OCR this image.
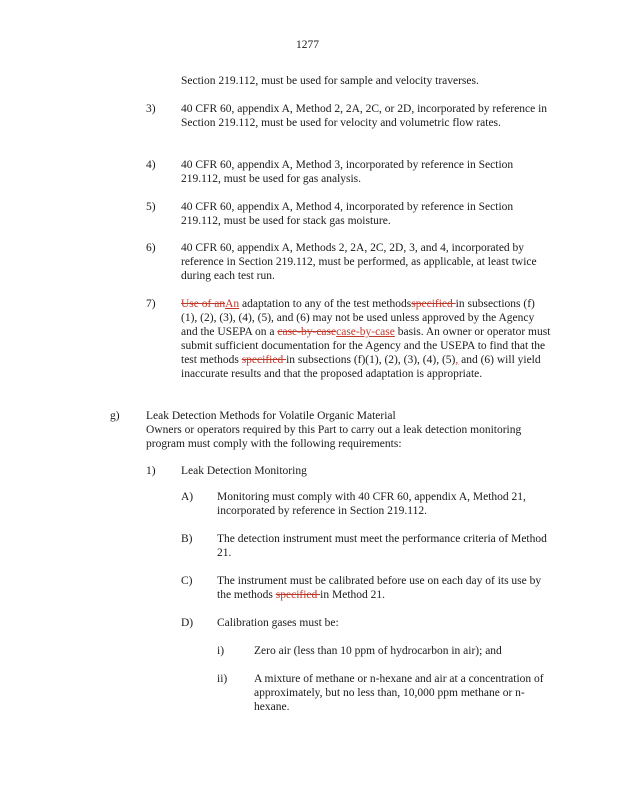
1277
Section 219.112, must be used for sample and velocity traverses.
3) 40 CFR 60, appendix A, Method 2, 2A, 2C, or 2D, incorporated by reference in Section 219.112, must be used for velocity and volumetric flow rates.
4) 40 CFR 60, appendix A, Method 3, incorporated by reference in Section 219.112, must be used for gas analysis.
5) 40 CFR 60, appendix A, Method 4, incorporated by reference in Section 219.112, must be used for stack gas moisture.
6) 40 CFR 60, appendix A, Methods 2, 2A, 2C, 2D, 3, and 4, incorporated by reference in Section 219.112, must be performed, as applicable, at least twice during each test run.
7) Use of anAn adaptation to any of the test methodsspecified in subsections (f)(1), (2), (3), (4), (5), and (6) may not be used unless approved by the Agency and the USEPA on a case-by-casecase-by-case basis. An owner or operator must submit sufficient documentation for the Agency and the USEPA to find that the test methods specified in subsections (f)(1), (2), (3), (4), (5), and (6) will yield inaccurate results and that the proposed adaptation is appropriate.
g) Leak Detection Methods for Volatile Organic Material
Owners or operators required by this Part to carry out a leak detection monitoring program must comply with the following requirements:
1) Leak Detection Monitoring
A) Monitoring must comply with 40 CFR 60, appendix A, Method 21, incorporated by reference in Section 219.112.
B) The detection instrument must meet the performance criteria of Method 21.
C) The instrument must be calibrated before use on each day of its use by the methods specified in Method 21.
D) Calibration gases must be:
i)	Zero air (less than 10 ppm of hydrocarbon in air); and
ii) A mixture of methane or n-hexane and air at a concentration of approximately, but no less than, 10,000 ppm methane or n-hexane.
